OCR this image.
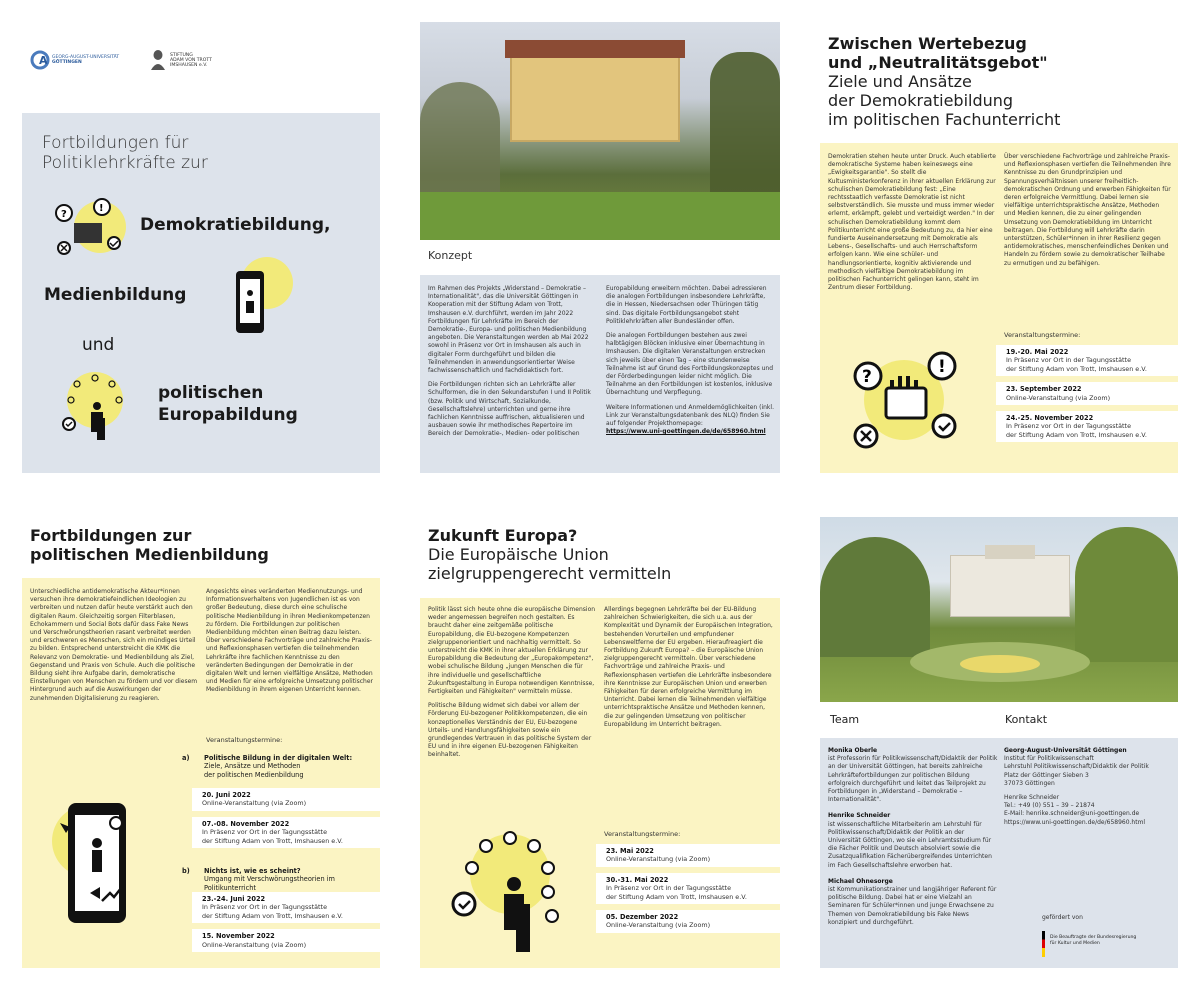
A GEORG-AUGUST-UNIVERSITÄT
GÖTTINGEN
STIFTUNG
ADAM VON TROTT
IMSHAUSEN e.V.
Fortbildungen für Politiklehrkräfte zur
?
!
Demokratiebildung,
Medienbildung
und
politischen
Europabildung
Konzept
Im Rahmen des Projekts „Widerstand – Demokratie – Internationalität", das die Universität Göttingen in Kooperation mit der Stiftung Adam von Trott, Imshausen e.V. durchführt, werden im Jahr 2022 Fortbildungen für Lehrkräfte im Bereich der Demokratie-, Europa- und politischen Medienbildung angeboten. Die Veranstaltungen werden ab Mai 2022 sowohl in Präsenz vor Ort in Imshausen als auch in digitaler Form durchgeführt und bilden die Teilnehmenden in anwendungsorientierter Weise fachwissenschaftlich und fachdidaktisch fort.
Die Fortbildungen richten sich an Lehrkräfte aller Schulformen, die in den Sekundarstufen I und II Politik (bzw. Politik und Wirtschaft, Sozialkunde, Gesellschaftslehre) unterrichten und gerne ihre fachlichen Kenntnisse auffrischen, aktualisieren und ausbauen sowie ihr methodisches Repertoire im Bereich der Demokratie-, Medien- oder politischen
Europabildung erweitern möchten. Dabei adressieren die analogen Fortbildungen insbesondere Lehrkräfte, die in Hessen, Niedersachsen oder Thüringen tätig sind. Das digitale Fortbildungsangebot steht Politiklehrkräften aller Bundesländer offen.
Die analogen Fortbildungen bestehen aus zwei halbtägigen Blöcken inklusive einer Übernachtung in Imshausen. Die digitalen Veranstaltungen erstrecken sich jeweils über einen Tag – eine stundenweise Teilnahme ist auf Grund des Fortbildungskonzeptes und der Förderbedingungen leider nicht möglich. Die Teilnahme an den Fortbildungen ist kostenlos, inklusive Übernachtung und Verpflegung.
Weitere Informationen und Anmeldemöglichkeiten (inkl. Link zur Veranstaltungsdatenbank des NLQ) finden Sie auf folgender Projekthomepage:
https://www.uni-goettingen.de/de/658960.html
Zwischen Wertebezug
und „Neutralitätsgebot"
Ziele und Ansätze
der Demokratiebildung
im politischen Fachunterricht
Demokratien stehen heute unter Druck. Auch etablierte demokratische Systeme haben keineswegs eine „Ewigkeitsgarantie". So stellt die Kultusministerkonferenz in ihrer aktuellen Erklärung zur schulischen Demokratiebildung fest: „Eine rechtsstaatlich verfasste Demokratie ist nicht selbstverständlich. Sie musste und muss immer wieder erlernt, erkämpft, gelebt und verteidigt werden." In der schulischen Demokratiebildung kommt dem Politikunterricht eine große Bedeutung zu, da hier eine fundierte Auseinandersetzung mit Demokratie als Lebens-, Gesellschafts- und auch Herrschaftsform erfolgen kann. Wie eine schüler- und handlungsorientierte, kognitiv aktivierende und methodisch vielfältige Demokratiebildung im politischen Fachunterricht gelingen kann, steht im Zentrum dieser Fortbildung.
Über verschiedene Fachvorträge und zahlreiche Praxis- und Reflexionsphasen vertiefen die Teilnehmenden ihre Kenntnisse zu den Grundprinzipien und Spannungsverhältnissen unserer freiheitlich-demokratischen Ordnung und erwerben Fähigkeiten für deren erfolgreiche Vermittlung. Dabei lernen sie vielfältige unterrichtspraktische Ansätze, Methoden und Medien kennen, die zu einer gelingenden Umsetzung von Demokratiebildung im Unterricht beitragen. Die Fortbildung will Lehrkräfte darin unterstützen, Schüler*innen in ihrer Resilienz gegen antidemokratisches, menschenfeindliches Denken und Handeln zu fördern sowie zu demokratischer Teilhabe zu ermutigen und zu befähigen.
?	!
Veranstaltungstermine:
19.-20. Mai 2022
In Präsenz vor Ort in der Tagungsstätte
der Stiftung Adam von Trott, Imshausen e.V.
23. September 2022
Online-Veranstaltung (via Zoom)
24.-25. November 2022
In Präsenz vor Ort in der Tagungsstätte
der Stiftung Adam von Trott, Imshausen e.V.
Fortbildungen zur
politischen Medienbildung
Unterschiedliche antidemokratische Akteur*innen versuchen ihre demokratiefeindlichen Ideologien zu verbreiten und nutzen dafür heute verstärkt auch den digitalen Raum. Gleichzeitig sorgen Filterblasen, Echokammern und Social Bots dafür dass Fake News und Verschwörungstheorien rasant verbreitet werden und erschweren es Menschen, sich ein mündiges Urteil zu bilden. Entsprechend unterstreicht die KMK die Relevanz von Demokratie- und Medienbildung als Ziel, Gegenstand und Praxis von Schule. Auch die politische Bildung sieht ihre Aufgabe darin, demokratische Einstellungen von Menschen zu fördern und vor diesem Hintergrund auch auf die Auswirkungen der zunehmenden Digitalisierung zu reagieren.
Angesichts eines veränderten Mediennutzungs- und Informationsverhaltens von Jugendlichen ist es von großer Bedeutung, diese durch eine schulische politische Medienbildung in ihren Medienkompetenzen zu fördern. Die Fortbildungen zur politischen Medienbildung möchten einen Beitrag dazu leisten. Über verschiedene Fachvorträge und zahlreiche Praxis- und Reflexionsphasen vertiefen die teilnehmenden Lehrkräfte ihre fachlichen Kenntnisse zu den veränderten Bedingungen der Demokratie in der digitalen Welt und lernen vielfältige Ansätze, Methoden und Medien für eine erfolgreiche Umsetzung politischer Medienbildung in ihrem eigenen Unterricht kennen.
Veranstaltungstermine:
a) Politische Bildung in der digitalen Welt:
Ziele, Ansätze und Methoden
der politischen Medienbildung
20. Juni 2022
Online-Veranstaltung (via Zoom)
07.-08. November 2022
In Präsenz vor Ort in der Tagungsstätte
der Stiftung Adam von Trott, Imshausen e.V.
b) Nichts ist, wie es scheint?
Umgang mit Verschwörungstheorien im Politikunterricht
23.-24. Juni 2022
In Präsenz vor Ort in der Tagungsstätte
der Stiftung Adam von Trott, Imshausen e.V.
15. November 2022
Online-Veranstaltung (via Zoom)
Zukunft Europa?
Die Europäische Union
zielgruppengerecht vermitteln
Politik lässt sich heute ohne die europäische Dimension weder angemessen begreifen noch gestalten. Es braucht daher eine zeitgemäße politische Europabildung, die EU-bezogene Kompetenzen zielgruppenorientiert und nachhaltig vermittelt. So unterstreicht die KMK in ihrer aktuellen Erklärung zur Europabildung die Bedeutung der „Europakompetenz", wobei schulische Bildung „jungen Menschen die für ihre individuelle und gesellschaftliche Zukunftsgestaltung in Europa notwendigen Kenntnisse, Fertigkeiten und Fähigkeiten" vermitteln müsse.
Politische Bildung widmet sich dabei vor allem der Förderung EU-bezogener Politikkompetenzen, die ein konzeptionelles Verständnis der EU, EU-bezogene Urteils- und Handlungsfähigkeiten sowie ein grundlegendes Vertrauen in das politische System der EU und in ihre eigenen EU-bezogenen Fähigkeiten beinhaltet.
Allerdings begegnen Lehrkräfte bei der EU-Bildung zahlreichen Schwierigkeiten, die sich u.a. aus der Komplexität und Dynamik der Europäischen Integration, bestehenden Vorurteilen und empfundener Lebensweltferne der EU ergeben. Hieraufreagiert die Fortbildung Zukunft Europa? – die Europäische Union zielgruppengerecht vermitteln. Über verschiedene Fachvorträge und zahlreiche Praxis- und Reflexionsphasen vertiefen die Lehrkräfte insbesondere ihre Kenntnisse zur Europäischen Union und erwerben Fähigkeiten für deren erfolgreiche Vermittlung im Unterricht. Dabei lernen die Teilnehmenden vielfältige unterrichtspraktische Ansätze und Methoden kennen, die zur gelingenden Umsetzung von politischer Europabildung im Unterricht beitragen.
Veranstaltungstermine:
23. Mai 2022
Online-Veranstaltung (via Zoom)
30.-31. Mai 2022
In Präsenz vor Ort in der Tagungsstätte
der Stiftung Adam von Trott, Imshausen e.V.
05. Dezember 2022
Online-Veranstaltung (via Zoom)
Team	Kontakt
Monika Oberle
ist Professorin für Politikwissenschaft/Didaktik der Politik an der Universität Göttingen, hat bereits zahlreiche Lehrkräftefortbildungen zur politischen Bildung erfolgreich durchgeführt und leitet das Teilprojekt zu Fortbildungen in „Widerstand – Demokratie – Internationalität".
Henrike Schneider
ist wissenschaftliche Mitarbeiterin am Lehrstuhl für Politikwissenschaft/Didaktik der Politik an der Universität Göttingen, wo sie ein Lehramtsstudium für die Fächer Politik und Deutsch absolviert sowie die Zusatzqualifikation Fächerübergreifendes Unterrichten im Fach Gesellschaftslehre erworben hat.
Michael Ohnesorge
ist Kommunikationstrainer und langjähriger Referent für politische Bildung. Dabei hat er eine Vielzahl an Seminaren für Schüler*innen und junge Erwachsene zu Themen von Demokratiebildung bis Fake News konzipiert und durchgeführt.
Georg-August-Universität Göttingen
Institut für Politikwissenschaft
Lehrstuhl Politikwissenschaft/Didaktik der Politik
Platz der Göttinger Sieben 3
37073 Göttingen
Henrike Schneider
Tel.: +49 (0) 551 – 39 – 21874
E-Mail: henrike.schneider@uni-goettingen.de
https://www.uni-goettingen.de/de/658960.html
gefördert von
Die Beauftragte der Bundesregierung
für Kultur und Medien
